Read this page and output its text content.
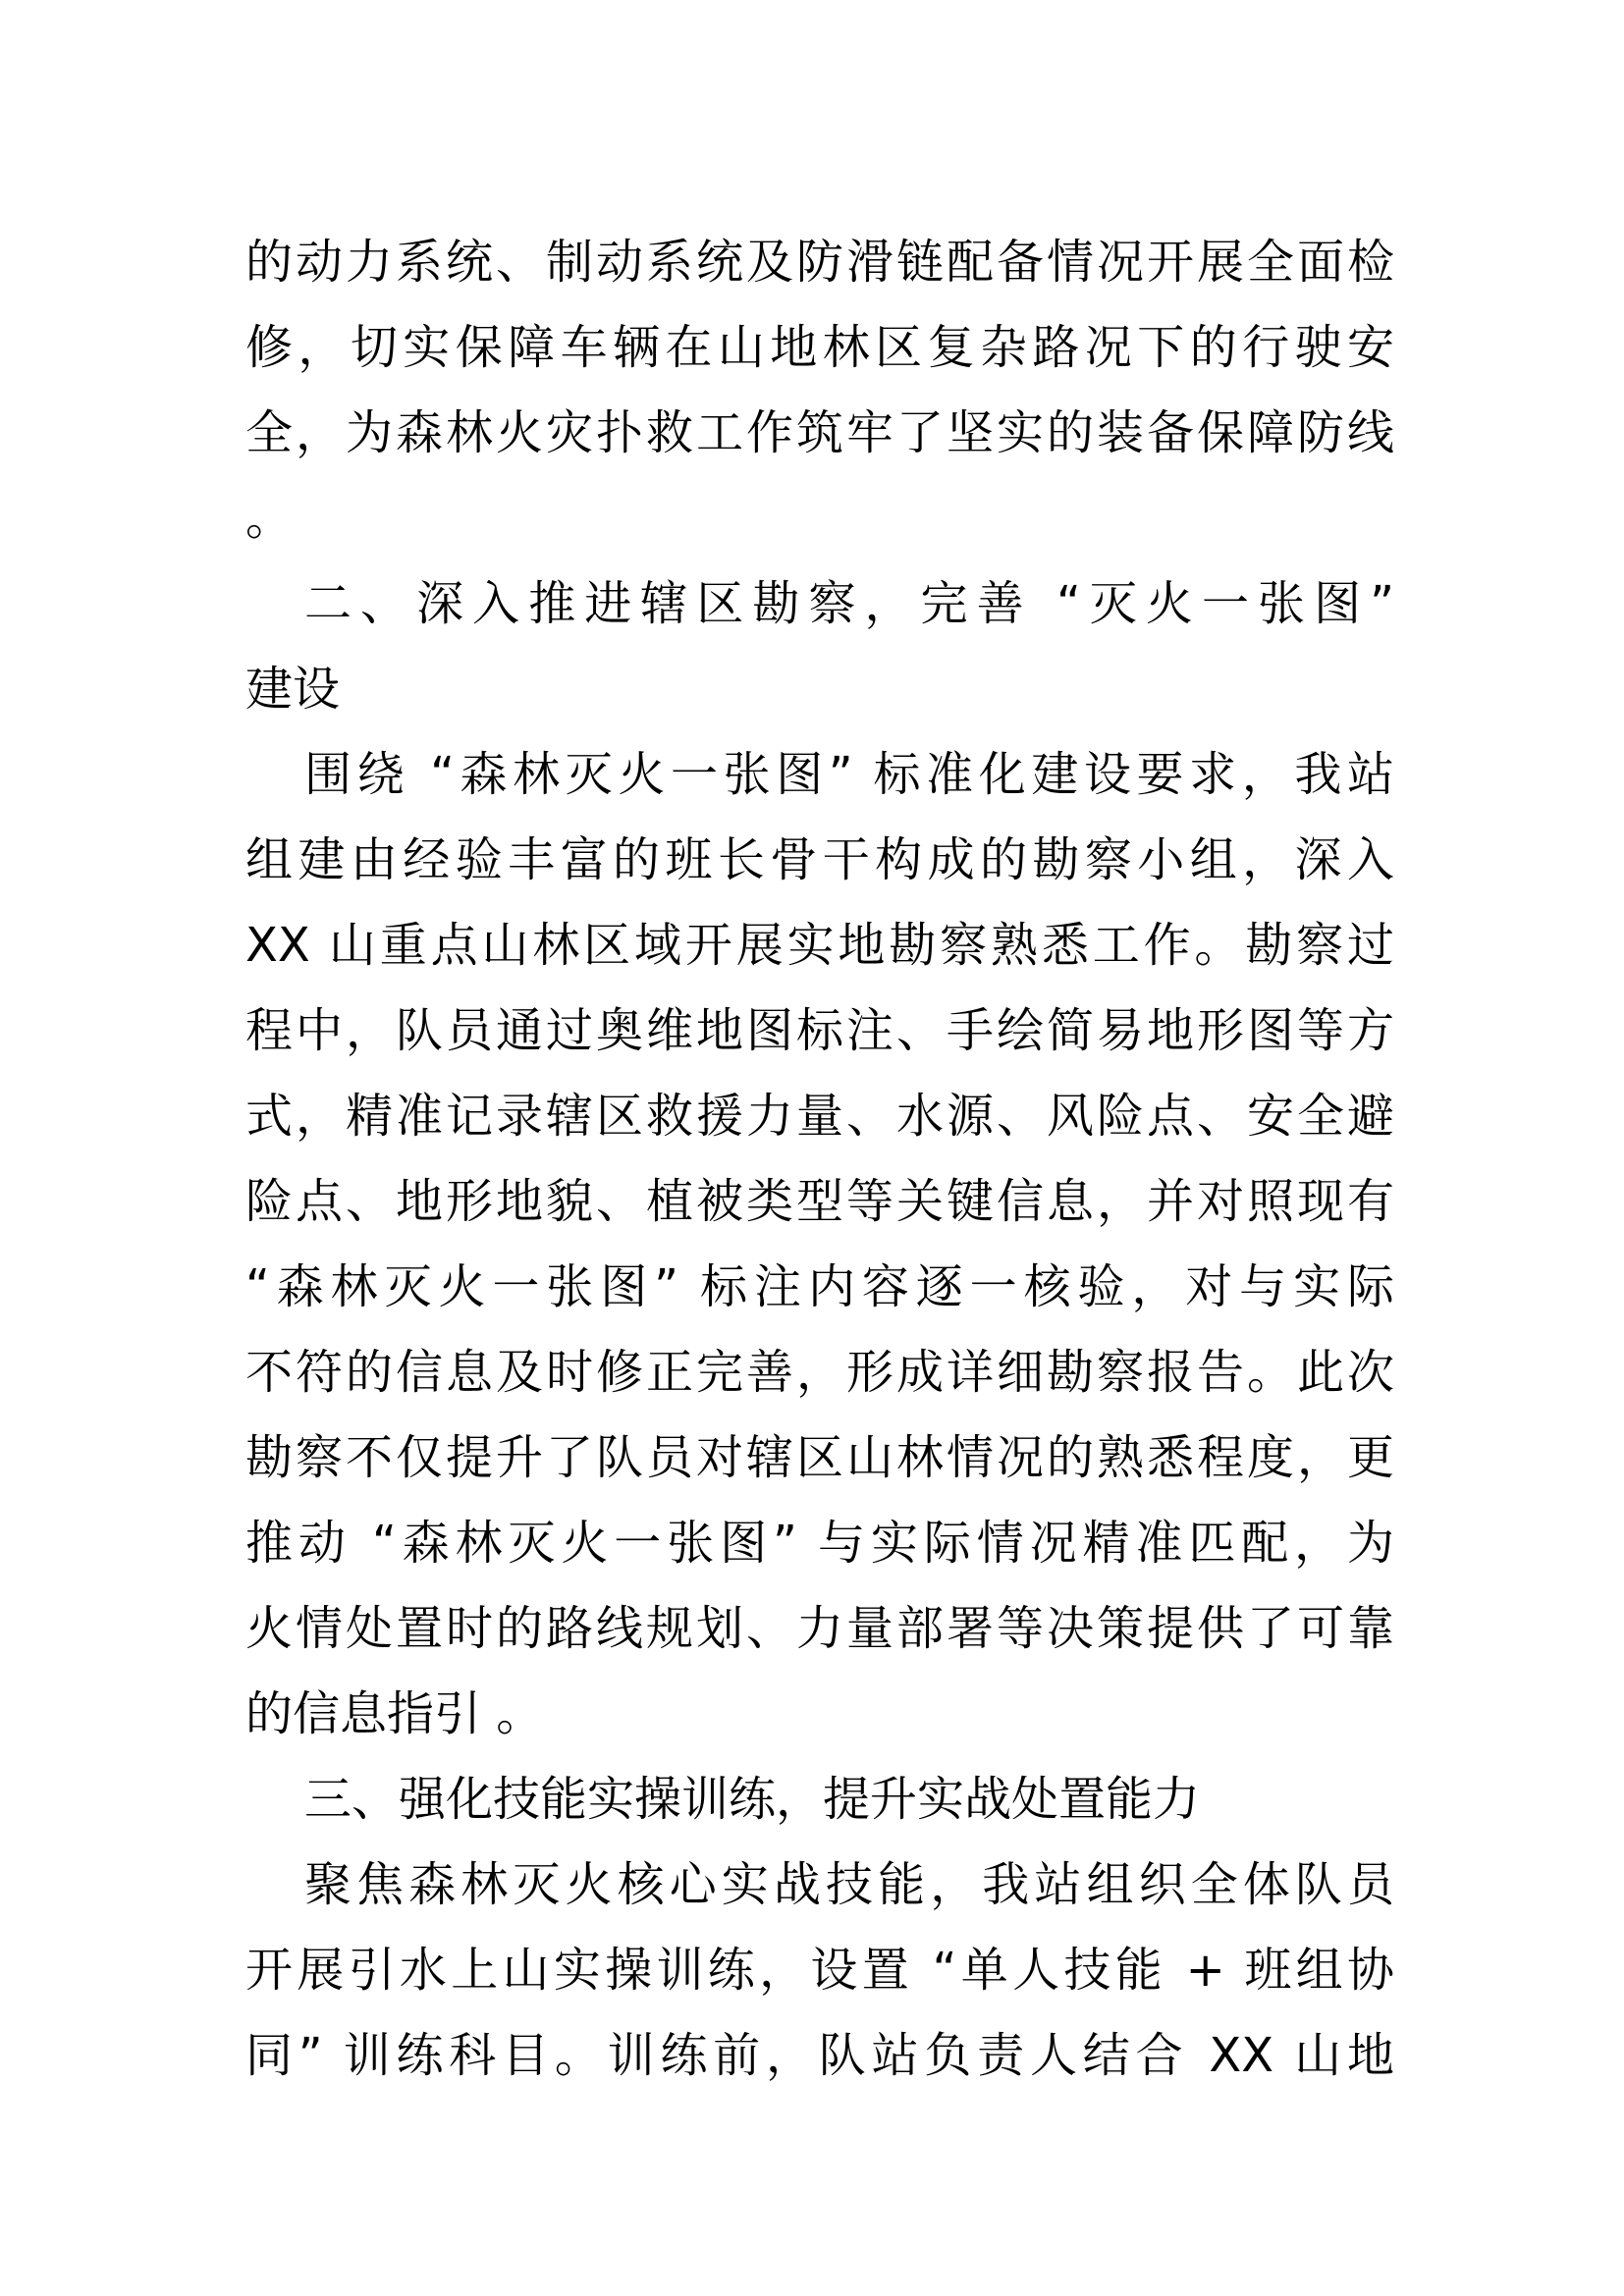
的动力系统、制动系统及防滑链配备情况开展全面检
修，切实保障车辆在山地林区复杂路况下的行驶安
全，为森林火灾扑救工作筑牢了坚实的装备保障防线
。
二、深入推进辖区勘察，完善 “灭火一张图”
建设
围绕 “森林灭火一张图” 标准化建设要求，我站
组建由经验丰富的班长骨干构成的勘察小组，深入
XX 山重点山林区域开展实地勘察熟悉工作。勘察过
程中，队员通过奥维地图标注、手绘简易地形图等方
式，精准记录辖区救援力量、水源、风险点、安全避
险点、地形地貌、植被类型等关键信息，并对照现有
“森林灭火一张图” 标注内容逐一核验，对与实际
不符的信息及时修正完善，形成详细勘察报告。此次
勘察不仅提升了队员对辖区山林情况的熟悉程度，更
推动 “森林灭火一张图” 与实际情况精准匹配，为
火情处置时的路线规划、力量部署等决策提供了可靠
的信息指引 。
三、强化技能实操训练，提升实战处置能力
聚焦森林灭火核心实战技能，我站组织全体队员
开展引水上山实操训练，设置 “单人技能 + 班组协
同” 训练科目。训练前，队站负责人结合 XX 山地
